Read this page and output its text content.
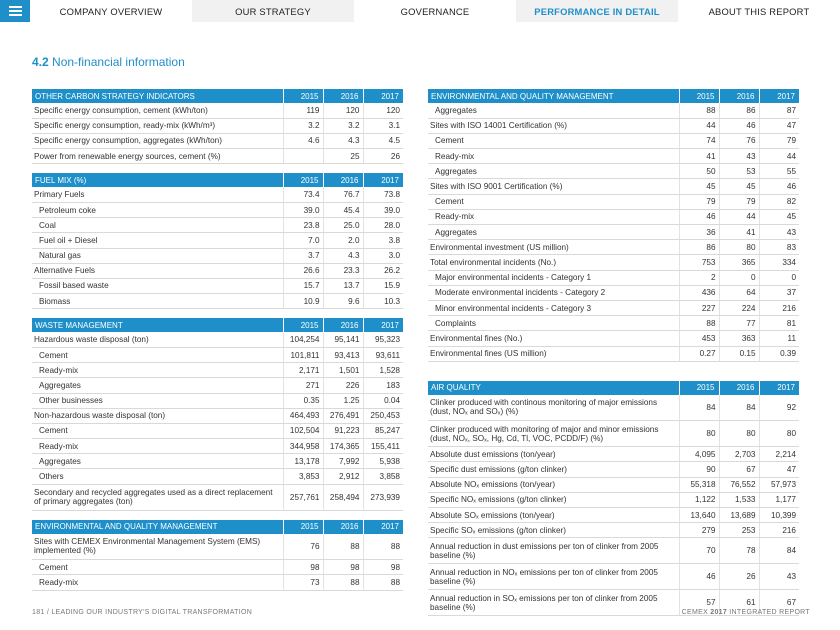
COMPANY OVERVIEW	OUR STRATEGY	GOVERNANCE	PERFORMANCE IN DETAIL	ABOUT THIS REPORT
4.2 Non-financial information
OTHER CARBON STRATEGY INDICATORS	2015	2016	2017
Specific energy consumption, cement (kWh/ton)	119	120	120
Specific energy consumption, ready-mix (kWh/m³)	3.2	3.2	3.1
Specific energy consumption, aggregates (kWh/ton)	4.6	4.3	4.5
Power from renewable energy sources, cement (%)		25	26
FUEL MIX (%)	2015	2016	2017
Primary Fuels	73.4	76.7	73.8
Petroleum coke	39.0	45.4	39.0
Coal	23.8	25.0	28.0
Fuel oil + Diesel	7.0	2.0	3.8
Natural gas	3.7	4.3	3.0
Alternative Fuels	26.6	23.3	26.2
Fossil based waste	15.7	13.7	15.9
Biomass	10.9	9.6	10.3
WASTE MANAGEMENT	2015	2016	2017
Hazardous waste disposal (ton)	104,254	95,141	95,323
Cement	101,811	93,413	93,611
Ready-mix	2,171	1,501	1,528
Aggregates	271	226	183
Other businesses	0.35	1.25	0.04
Non-hazardous waste disposal (ton)	464,493	276,491	250,453
Cement	102,504	91,223	85,247
Ready-mix	344,958	174,365	155,411
Aggregates	13,178	7,992	5,938
Others	3,853	2,912	3,858
Secondary and recycled aggregates used as a direct replacement of primary aggregates (ton)	257,761	258,494	273,939
ENVIRONMENTAL AND QUALITY MANAGEMENT	2015	2016	2017
Sites with CEMEX Environmental Management System (EMS) implemented (%)	76	88	88
Cement	98	98	98
Ready-mix	73	88	88
ENVIRONMENTAL AND QUALITY MANAGEMENT	2015	2016	2017
Aggregates	88	86	87
Sites with ISO 14001 Certification (%)	44	46	47
Cement	74	76	79
Ready-mix	41	43	44
Aggregates	50	53	55
Sites with ISO 9001 Certification (%)	45	45	46
Cement	79	79	82
Ready-mix	46	44	45
Aggregates	36	41	43
Environmental investment (US million)	86	80	83
Total environmental incidents (No.)	753	365	334
Major environmental incidents - Category 1	2	0	0
Moderate environmental incidents - Category 2	436	64	37
Minor environmental incidents - Category 3	227	224	216
Complaints	88	77	81
Environmental fines (No.)	453	363	11
Environmental fines (US million)	0.27	0.15	0.39
AIR QUALITY	2015	2016	2017
Clinker produced with continous monitoring of major emissions (dust, NOₓ and SOₓ) (%)	84	84	92
Clinker produced with monitoring of major and minor emissions (dust, NOₓ, SOₓ, Hg, Cd, Tl, VOC, PCDD/F) (%)	80	80	80
Absolute dust emissions (ton/year)	4,095	2,703	2,214
Specific dust emissions (g/ton clinker)	90	67	47
Absolute NOₓ emissions (ton/year)	55,318	76,552	57,973
Specific NOₓ emissions (g/ton clinker)	1,122	1,533	1,177
Absolute SOₓ emissions (ton/year)	13,640	13,689	10,399
Specific SOₓ emissions (g/ton clinker)	279	253	216
Annual reduction in dust emissions per ton of clinker from 2005 baseline (%)	70	78	84
Annual reduction in NOₓ emissions per ton of clinker from 2005 baseline (%)	46	26	43
Annual reduction in SOₓ emissions per ton of clinker from 2005 baseline (%)	57	61	67
181 / LEADING OUR INDUSTRY'S DIGITAL TRANSFORMATION	CEMEX 2017 INTEGRATED REPORT
